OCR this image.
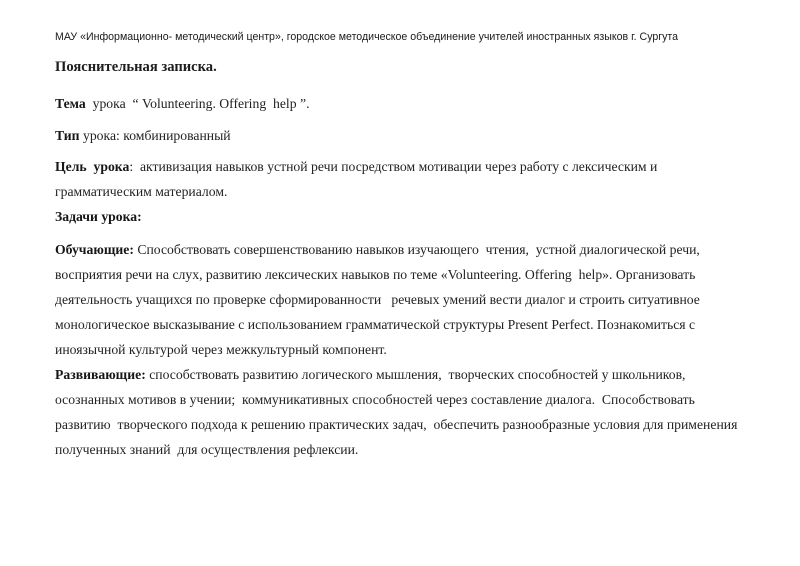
МАУ «Информационно- методический центр», городское методическое объединение учителей иностранных языков г. Сургута
Пояснительная записка.

Тема  урока  “ Volunteering. Offering  help ”.

Тип урока: комбинированный

Цель  урока:  активизация навыков устной речи посредством мотивации через работу с лексическим и грамматическим материалом.

Задачи урока:

Обучающие: Способствовать совершенствованию навыков изучающего  чтения,  устной диалогической речи, восприятия речи на слух, развитию лексических навыков по теме «Volunteering. Offering  help». Организовать деятельность учащихся по проверке сформированности   речевых умений вести диалог и строить ситуативное монологическое высказывание с использованием грамматической структуры Present Perfect. Познакомиться с иноязычной культурой через межкультурный компонент.

Развивающие: способствовать развитию логического мышления,  творческих способностей у школьников, осознанных мотивов в учении;  коммуникативных способностей через составление диалога.  Способствовать развитию  творческого подхода к решению практических задач,  обеспечить разнообразные условия для применения полученных знаний  для осуществления рефлексии.
